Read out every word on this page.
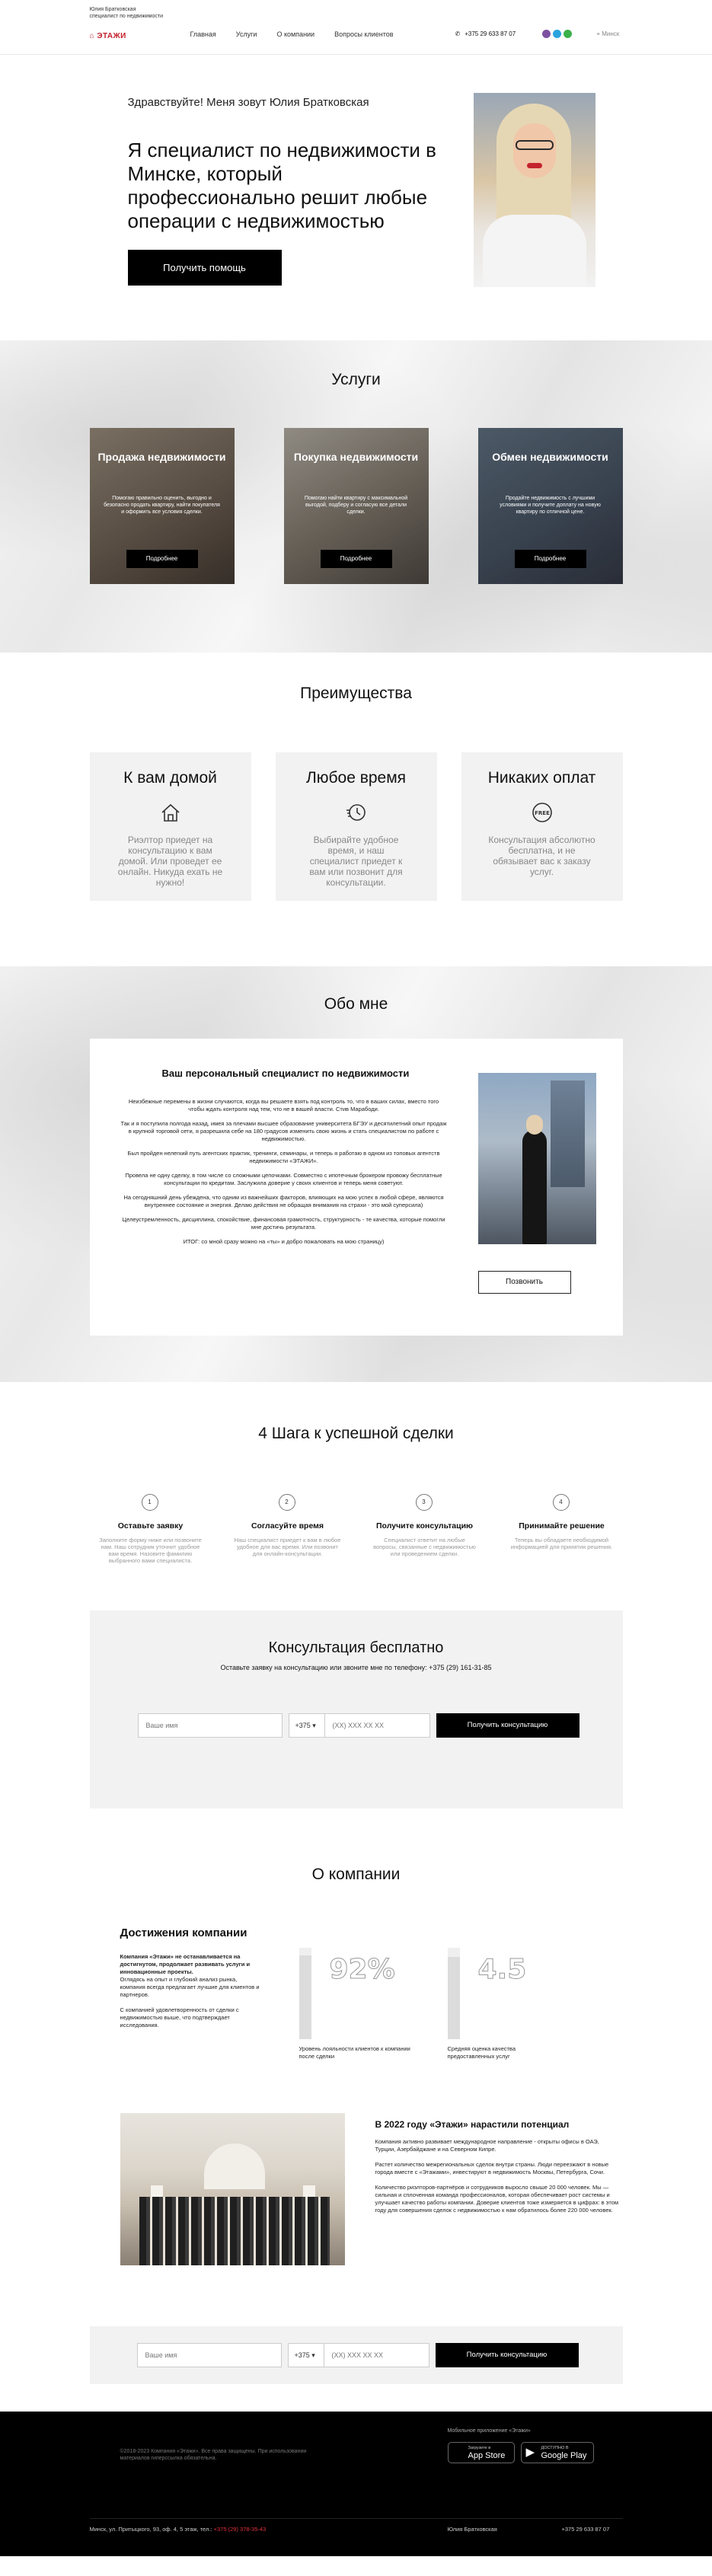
Юлия Братковская специалист по недвижимости
⌂ ЭТАЖИ	Главная	Услуги	О компании	Вопросы клиентов	✆ +375 29 633 87 07	⌖ Минск
Здравствуйте! Меня зовут Юлия Братковская
Я специалист по недвижимости в Минске, который профессионально решит любые операции с недвижимостью
Получить помощь
Услуги
Продажа недвижимости
Помогаю правильно оценить, выгодно и безопасно продать квартиру, найти покупателя и оформить все условия сделки.
Подробнее
Покупка недвижимости
Помогаю найти квартиру с максимальной выгодой, подберу и согласую все детали сделки.
Подробнее
Обмен недвижимости
Продайте недвижимость с лучшими условиями и получите доплату на новую квартиру по отличной цене.
Подробнее
Преимущества
К вам домой
Риэлтор приедет на консультацию к вам домой. Или проведет ее онлайн. Никуда ехать не нужно!
Любое время
Выбирайте удобное время, и наш специалист приедет к вам или позвонит для консультации.
Никаких оплат
FREE
Консультация абсолютно бесплатна, и не обязывает вас к заказу услуг.
Обо мне
Ваш персональный специалист по недвижимости

Неизбежные перемены в жизни случаются, когда вы решаете взять под контроль то, что в ваших силах, вместо того чтобы ждать контроля над тем, что не в вашей власти. Стив Марабоди.

Так и я поступила полгода назад, имея за плечами высшее образование университета БГЭУ и десятилетний опыт продаж в крупной торговой сети, я разрешила себе на 180 градусов изменить свою жизнь и стать специалистом по работе с недвижимостью.

Был пройден нелегкий путь агентских практик, тренинги, семинары, и теперь я работаю в одном из топовых агентств недвижимости «ЭТАЖИ».

Провела не одну сделку, в том числе со сложными цепочками. Совместно с ипотечным брокером провожу бесплатные консультации по кредитам. Заслужила доверие у своих клиентов и теперь меня советуют.

На сегодняшний день убеждена, что одним из важнейших факторов, влияющих на мою успех в любой сфере, являются внутреннее состояние и энергия. Делаю действия не обращая внимания на страхи - это мой суперсила)

Целеустремленность, дисциплина, спокойствие, финансовая грамотность, структурность - те качества, которые помогли мне достичь результата.

ИТОГ: со мной сразу можно на «ты» и добро пожаловать на мою страницу)

Позвонить
4 Шага к успешной сделки
1
Оставьте заявку
Заполните форму ниже или позвоните нам. Наш сотрудник уточнит удобное вам время. Назовите фамилию выбранного вами специалиста.
2
Согласуйте время
Наш специалист приедет к вам в любое удобное для вас время. Или позвонит для онлайн-консультации.
3
Получите консультацию
Специалист ответит на любые вопросы, связанные с недвижимостью или проведением сделки.
4
Принимайте решение
Теперь вы обладаете необходимой информацией для принятия решения.
Консультация бесплатно
Оставьте заявку на консультацию или звоните мне по телефону: +375 (29) 161-31-85
Ваше имя
+375 ▾
(XX) XXX XX XX	Получить консультацию
О компании
Достижения компании

Компания «Этажи» не останавливается на достигнутом, продолжает развивать услуги и инновационные проекты.
Оглядясь на опыт и глубокий анализ рынка, компания всегда предлагает лучшие для клиентов и партнеров.

С компанией удовлетворенность от сделки с недвижимостью выше, что подтверждает исследования.

92%
Уровень лояльности клиентов к компании после сделки
4.5
Средняя оценка качества предоставленных услуг
В 2022 году «Этажи» нарастили потенциал

Компания активно развивает международное направление - открыты офисы в ОАЭ, Турции, Азербайджане и на Северном Кипре.

Растет количество межрегиональных сделок внутри страны. Люди переезжают в новые города вместе с «Этажами», инвестируют в недвижимость Москвы, Петербурга, Сочи.

Количество риэлторов-партнёров и сотрудников выросло свыше 20 000 человек. Мы — сильная и сплоченная команда профессионалов, которая обеспечивает рост системы и улучшает качество работы компании. Доверие клиентов тоже измеряется в цифрах: в этом году для совершения сделок с недвижимостью к нам обратилось более 220 000 человек.

Ваше имя
+375 ▾
(XX) XXX XX XX	Получить консультацию
©2018-2023 Компания «Этажи». Все права защищены. При использовании материалов гиперссылка обязательна.
Мобильное приложение «Этажи»
Загрузите в
App Store ▶ ДОСТУПНО В
Google Play
Минск, ул. Притыцкого, 93, оф. 4, 5 этаж, тел.: +375 (29) 378-35-43	Юлия Братковская	+375 29 633 87 07
